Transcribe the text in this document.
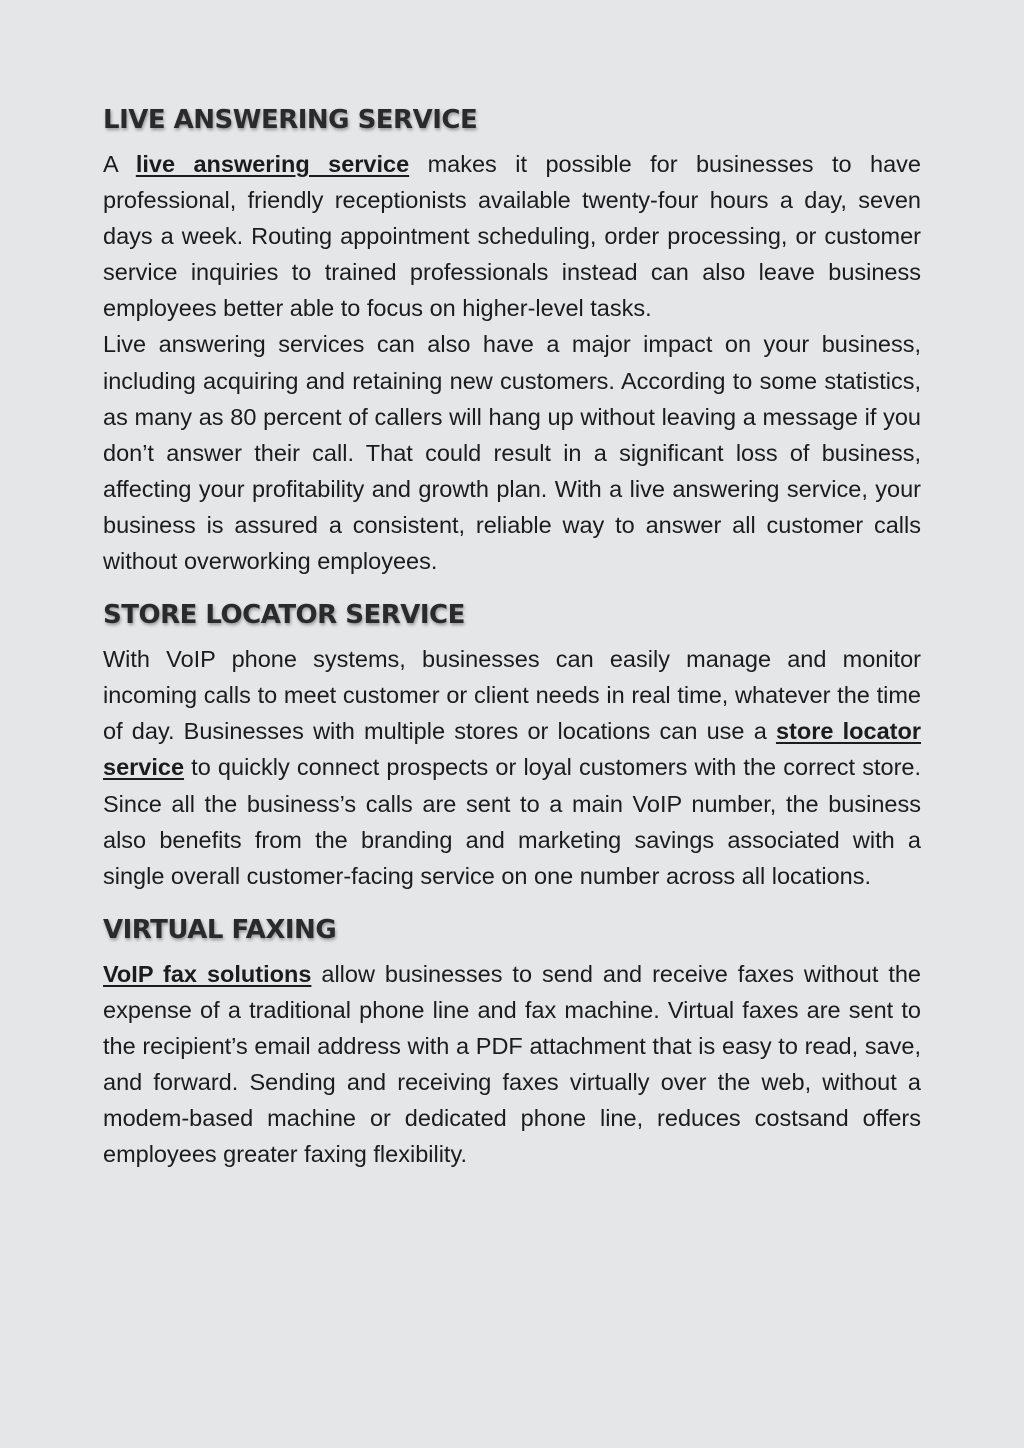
LIVE ANSWERING SERVICE

A live answering service makes it possible for businesses to have professional, friendly receptionists available twenty-four hours a day, seven days a week. Routing appointment scheduling, order processing, or customer service inquiries to trained professionals instead can also leave business employees better able to focus on higher-level tasks.

Live answering services can also have a major impact on your business, including acquiring and retaining new customers. According to some statistics, as many as 80 percent of callers will hang up without leaving a message if you don’t answer their call. That could result in a significant loss of business, affecting your profitability and growth plan. With a live answering service, your business is assured a consistent, reliable way to answer all customer calls without overworking employees.

STORE LOCATOR SERVICE

With VoIP phone systems, businesses can easily manage and monitor incoming calls to meet customer or client needs in real time, whatever the time of day. Businesses with multiple stores or locations can use a store locator service to quickly connect prospects or loyal customers with the correct store. Since all the business’s calls are sent to a main VoIP number, the business also benefits from the branding and marketing savings associated with a single overall customer-facing service on one number across all locations.

VIRTUAL FAXING

VoIP fax solutions allow businesses to send and receive faxes without the expense of a traditional phone line and fax machine. Virtual faxes are sent to the recipient’s email address with a PDF attachment that is easy to read, save, and forward. Sending and receiving faxes virtually over the web, without a modem-based machine or dedicated phone line, reduces costsand offers employees greater faxing flexibility.
